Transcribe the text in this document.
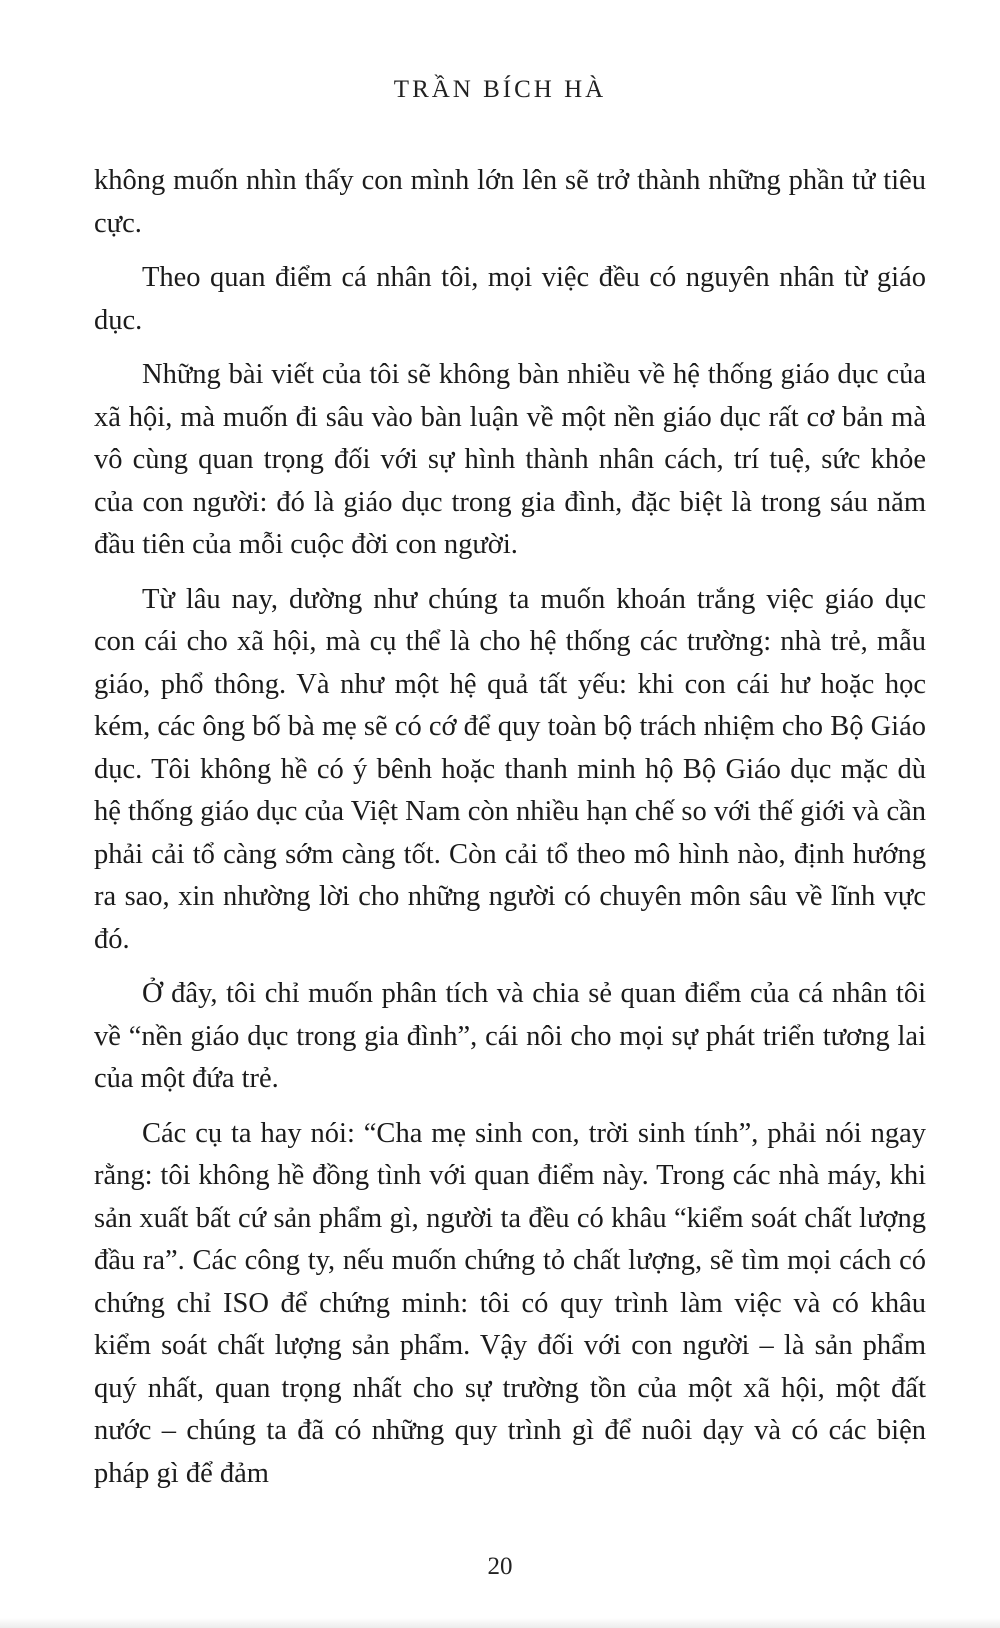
TRẦN BÍCH HÀ

không muốn nhìn thấy con mình lớn lên sẽ trở thành những phần tử tiêu cực.

Theo quan điểm cá nhân tôi, mọi việc đều có nguyên nhân từ giáo dục.

Những bài viết của tôi sẽ không bàn nhiều về hệ thống giáo dục của xã hội, mà muốn đi sâu vào bàn luận về một nền giáo dục rất cơ bản mà vô cùng quan trọng đối với sự hình thành nhân cách, trí tuệ, sức khỏe của con người: đó là giáo dục trong gia đình, đặc biệt là trong sáu năm đầu tiên của mỗi cuộc đời con người.

Từ lâu nay, dường như chúng ta muốn khoán trắng việc giáo dục con cái cho xã hội, mà cụ thể là cho hệ thống các trường: nhà trẻ, mẫu giáo, phổ thông. Và như một hệ quả tất yếu: khi con cái hư hoặc học kém, các ông bố bà mẹ sẽ có cớ để quy toàn bộ trách nhiệm cho Bộ Giáo dục. Tôi không hề có ý bênh hoặc thanh minh hộ Bộ Giáo dục mặc dù hệ thống giáo dục của Việt Nam còn nhiều hạn chế so với thế giới và cần phải cải tổ càng sớm càng tốt. Còn cải tổ theo mô hình nào, định hướng ra sao, xin nhường lời cho những người có chuyên môn sâu về lĩnh vực đó.

Ở đây, tôi chỉ muốn phân tích và chia sẻ quan điểm của cá nhân tôi về “nền giáo dục trong gia đình”, cái nôi cho mọi sự phát triển tương lai của một đứa trẻ.

Các cụ ta hay nói: “Cha mẹ sinh con, trời sinh tính”, phải nói ngay rằng: tôi không hề đồng tình với quan điểm này. Trong các nhà máy, khi sản xuất bất cứ sản phẩm gì, người ta đều có khâu “kiểm soát chất lượng đầu ra”. Các công ty, nếu muốn chứng tỏ chất lượng, sẽ tìm mọi cách có chứng chỉ ISO để chứng minh: tôi có quy trình làm việc và có khâu kiểm soát chất lượng sản phẩm. Vậy đối với con người – là sản phẩm quý nhất, quan trọng nhất cho sự trường tồn của một xã hội, một đất nước – chúng ta đã có những quy trình gì để nuôi dạy và có các biện pháp gì để đảm

20
